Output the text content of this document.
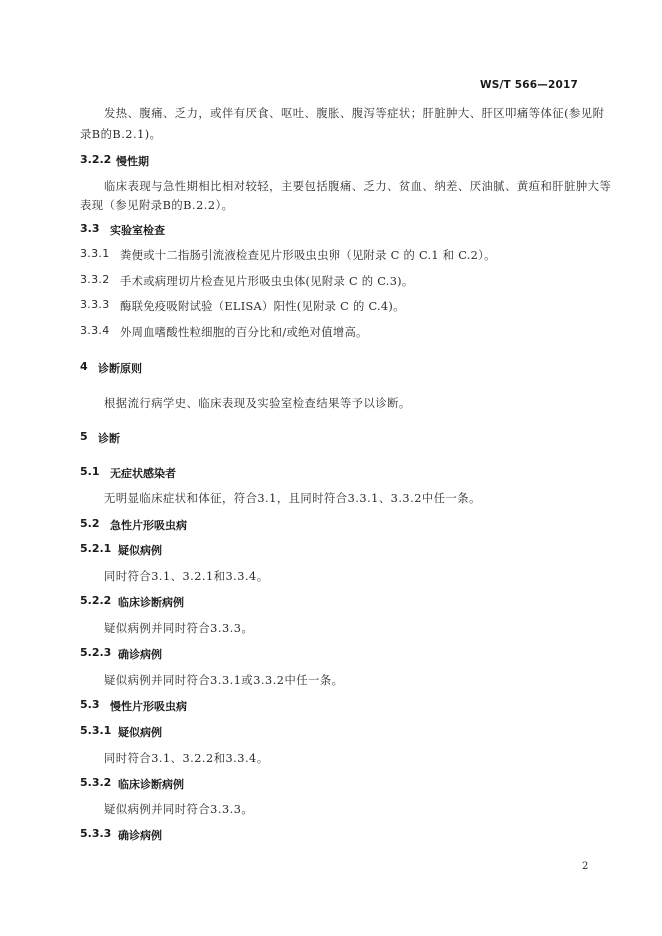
WS/T 566—2017
发热、腹痛、乏力，或伴有厌食、呕吐、腹胀、腹泻等症状；肝脏肿大、肝区叩痛等体征(参见附
录B的B.2.1)。
3.2.2 慢性期
临床表现与急性期相比相对较轻，主要包括腹痛、乏力、贫血、纳差、厌油腻、黄疸和肝脏肿大等
表现（参见附录B的B.2.2）。
3.3 实验室检查
3.3.1 粪便或十二指肠引流液检查见片形吸虫虫卵（见附录 C 的 C.1 和 C.2）。
3.3.2 手术或病理切片检查见片形吸虫虫体(见附录 C 的 C.3)。
3.3.3 酶联免疫吸附试验（ELISA）阳性(见附录 C 的 C.4)。
3.3.4 外周血嗜酸性粒细胞的百分比和/或绝对值增高。
4 诊断原则
根据流行病学史、临床表现及实验室检查结果等予以诊断。
5 诊断
5.1 无症状感染者
无明显临床症状和体征，符合3.1，且同时符合3.3.1、3.3.2中任一条。
5.2 急性片形吸虫病
5.2.1 疑似病例
同时符合3.1、3.2.1和3.3.4。
5.2.2 临床诊断病例
疑似病例并同时符合3.3.3。
5.2.3 确诊病例
疑似病例并同时符合3.3.1或3.3.2中任一条。
5.3 慢性片形吸虫病
5.3.1 疑似病例
同时符合3.1、3.2.2和3.3.4。
5.3.2 临床诊断病例
疑似病例并同时符合3.3.3。
5.3.3 确诊病例
2
